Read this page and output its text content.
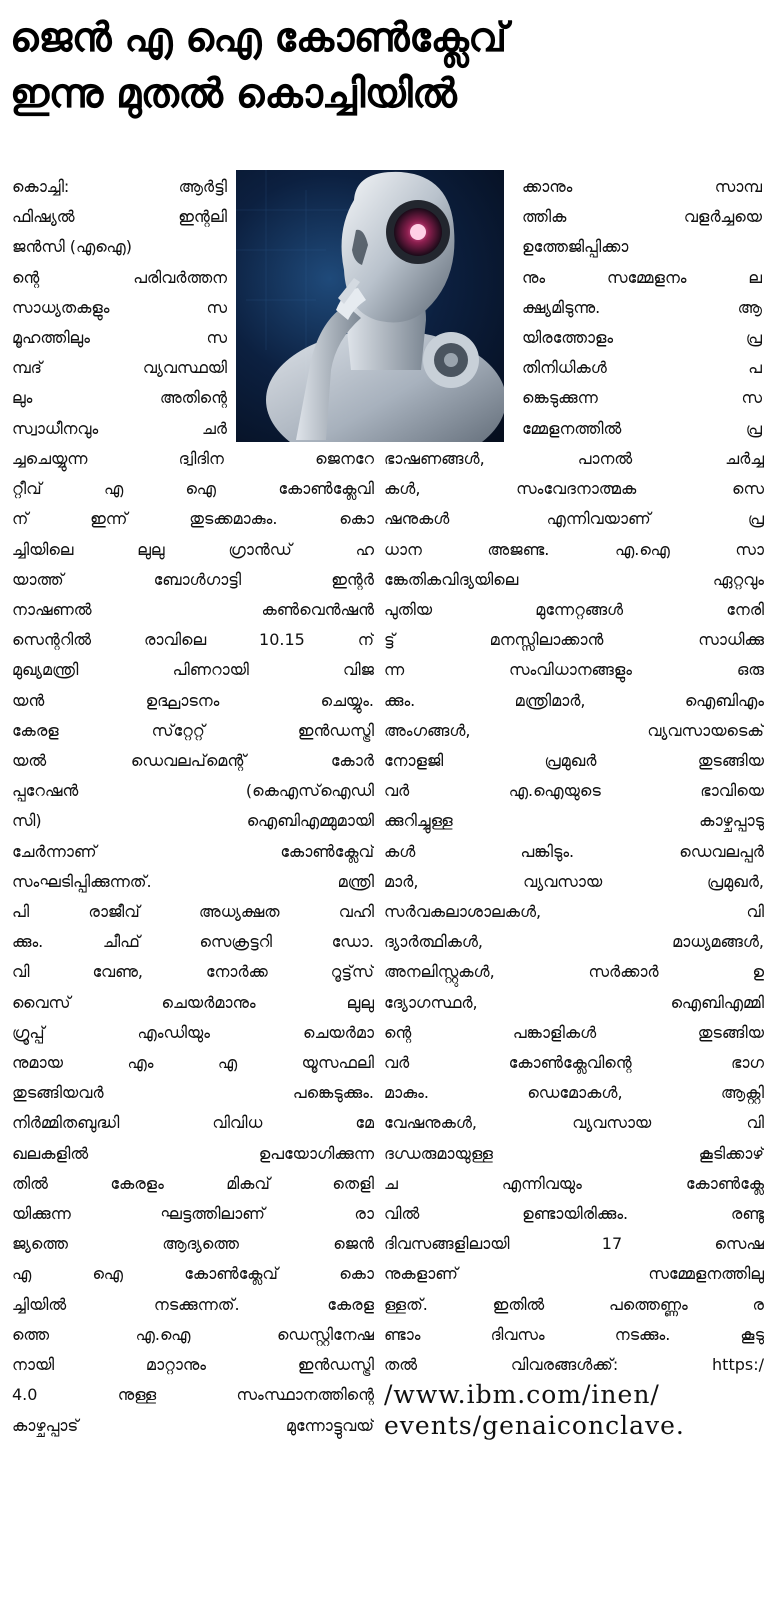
ജെൻ എ ഐ കോൺക്ലേവ്
ഇന്നു മുതൽ കൊച്ചിയിൽ
കൊച്ചി: ആർട്ടി
ഫിഷ്യൽ ഇന്റലി
ജൻസി (എഐ)
ന്റെ പരിവർത്തന
സാധ്യതകളും സ
മൂഹത്തിലും സ
മ്പദ് വ്യവസ്ഥയി
ലും അതിന്റെ
സ്വാധീനവും ചർ
ച്ചചെയ്യുന്ന ദ്വിദിന ജെനറേ
റ്റീവ് എ ഐ കോൺക്ലേവി
ന് ഇന്ന് തുടക്കമാകും. കൊ
ച്ചിയിലെ ലുലു ഗ്രാൻഡ് ഹ
യാത്ത് ബോൾഗാട്ടി ഇന്റർ
നാഷണൽ കൺവെൻഷൻ
സെന്ററിൽ രാവിലെ 10.15 ന്
മുഖ്യമന്ത്രി പിണറായി വിജ
യൻ ഉദ്ഘാടനം ചെയ്യും.
കേരള സ്‌റ്റേറ്റ് ഇൻഡസ്ട്രി
യൽ ഡെവലപ്‌മെന്റ് കോർ
പ്പറേഷൻ (കെഎസ്‌ഐഡി
സി) ഐബിഎമ്മുമായി
ചേർന്നാണ് കോൺക്ലേവ്
സംഘടിപ്പിക്കുന്നത്. മന്ത്രി
പി രാജീവ് അധ്യക്ഷത വഹി
ക്കും. ചീഫ് സെക്രട്ടറി ഡോ.
വി വേണു, നോർക്ക റൂട്ട്‌സ്
വൈസ് ചെയർമാനും ലുലു
ഗ്രൂപ്പ് എംഡിയും ചെയർമാ
നുമായ എം എ യൂസഫലി
തുടങ്ങിയവർ പങ്കെടുക്കും.
നിർമ്മിതബുദ്ധി വിവിധ മേ
ഖലകളിൽ ഉപയോഗിക്കുന്ന
തിൽ കേരളം മികവ് തെളി
യിക്കുന്ന ഘട്ടത്തിലാണ് രാ
ജ്യത്തെ ആദ്യത്തെ ജെൻ
എ ഐ കോൺക്ലേവ് കൊ
ച്ചിയിൽ നടക്കുന്നത്. കേരള
ത്തെ എ.ഐ ഡെസ്റ്റിനേഷ
നായി മാറ്റാനും ഇൻഡസ്ട്രി
4.0 നുള്ള സംസ്ഥാനത്തിന്റെ
കാഴ്ചപ്പാട് മുന്നോട്ടുവയ്
ക്കാനും സാമ്പ
ത്തിക വളർച്ചയെ
ഉത്തേജിപ്പിക്കാ
നും സമ്മേളനം ല
ക്ഷ്യമിടുന്നു. ആ
യിരത്തോളം പ്ര
തിനിധികൾ പ
ങ്കെടുക്കുന്ന സ
മ്മേളനത്തിൽ പ്ര
ഭാഷണങ്ങൾ, പാനൽ ചർച്ച
കൾ, സംവേദനാത്മക സെ
ഷനുകൾ എന്നിവയാണ് പ്ര
ധാന അജണ്ട. എ.ഐ സാ
ങ്കേതികവിദ്യയിലെ ഏറ്റവും
പുതിയ മുന്നേറ്റങ്ങൾ നേരി
ട്ട് മനസ്സിലാക്കാൻ സാധിക്കു
ന്ന സംവിധാനങ്ങളും ഒരു
ക്കും. മന്ത്രിമാർ, ഐബിഎം
അംഗങ്ങൾ, വ്യവസായടെക്
നോളജി പ്രമുഖർ തുടങ്ങിയ
വർ എ.ഐയുടെ ഭാവിയെ
ക്കുറിച്ചുള്ള കാഴ്ചപ്പാടു
കൾ പങ്കിടും. ഡെവലപ്പർ
മാർ, വ്യവസായ പ്രമുഖർ,
സർവകലാശാലകൾ, വി
ദ്യാർത്ഥികൾ, മാധ്യമങ്ങൾ,
അനലിസ്റ്റുകൾ, സർക്കാർ ഉ
ദ്യോഗസ്ഥർ, ഐബിഎമ്മി
ന്റെ പങ്കാളികൾ തുടങ്ങിയ
വർ കോൺക്ലേവിന്റെ ഭാഗ
മാകും. ഡെമോകൾ, ആക്റ്റി
വേഷനുകൾ, വ്യവസായ വി
ദഗ്ധരുമായുള്ള കൂടിക്കാഴ്
ച എന്നിവയും കോൺക്ലേ
വിൽ ഉണ്ടായിരിക്കും. രണ്ടു
ദിവസങ്ങളിലായി 17 സെഷ
നുകളാണ് സമ്മേളനത്തിലു
ള്ളത്. ഇതിൽ പത്തെണ്ണം ര
ണ്ടാം ദിവസം നടക്കും. കൂടു
തൽ വിവരങ്ങൾക്ക്: https:/
/www.ibm.com/inen/
events/genaiconclave.
